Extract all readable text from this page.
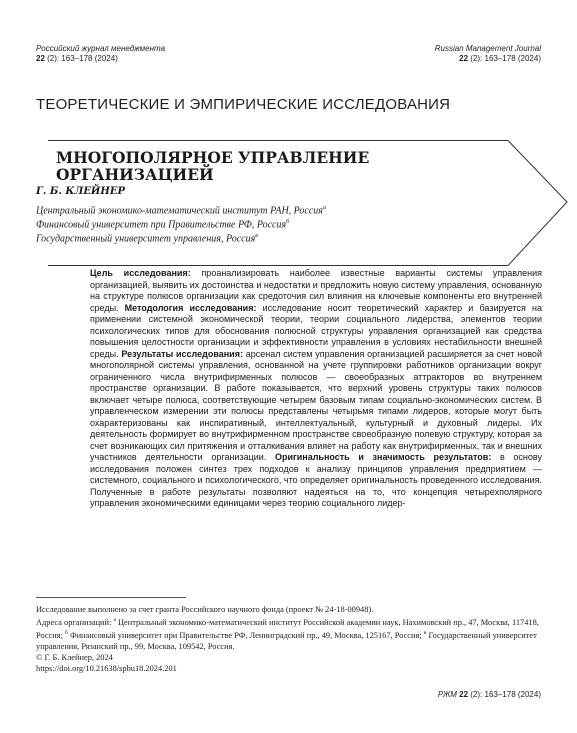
Российский журнал менеджмента
22 (2): 163–178 (2024)
Russian Management Journal
22 (2): 163–178 (2024)
ТЕОРЕТИЧЕСКИЕ И ЭМПИРИЧЕСКИЕ ИССЛЕДОВАНИЯ
МНОГОПОЛЯРНОЕ УПРАВЛЕНИЕ
ОРГАНИЗАЦИЕЙ
Г. Б. КЛЕЙНЕР
Центральный экономико-математический институт РАН, Россия$^а$
Финансовый университет при Правительстве РФ, Россия$^б$
Государственный университет управления, Россия$^в$
Цель исследования: проанализировать наиболее известные варианты системы управления организацией, выявить их достоинства и недостатки и предложить новую систему управления, основанную на структуре полюсов организации как средоточия сил влияния на ключевые компоненты его внутренней среды. Методология исследования: исследование носит теоретический характер и базируется на применении системной экономической теории, теории социального лидерства, элементов теории психологических типов для обоснования полюсной структуры управления организацией как средства повышения целостности организации и эффективности управления в условиях нестабильности внешней среды. Результаты исследования: арсенал систем управления организацией расширяется за счет новой многополярной системы управления, основанной на учете группировки работников организации вокруг ограниченного числа внутрифирменных полюсов — своеобразных аттракторов во внутреннем пространстве организации. В работе показывается, что верхний уровень структуры таких полюсов включает четыре полюса, соответствующие четырем базовым типам социально-экономических систем. В управленческом измерении эти полюсы представлены четырьмя типами лидеров, которые могут быть охарактеризованы как инспиративный, интеллектуальный, культурный и духовный лидеры. Их деятельность формирует во внутрифирменном пространстве своеобразную полевую структуру, которая за счет возникающих сил притяжения и отталкивания влияет на работу как внутрифирменных, так и внешних участников деятельности организации. Оригинальность и значимость результатов: в основу исследования положен синтез трех подходов к анализу принципов управления предприятием — системного, социального и психологического, что определяет оригинальность проведенного исследования. Полученные в работе результаты позволяют надеяться на то, что концепция четырехполярного управления экономическими единицами через теорию социального лидер-
Исследование выполнено за счет гранта Российского научного фонда (проект № 24-18-00948).
Адреса организаций: $^а$ Центральный экономико-математический институт Российской академии наук, Нахимовский пр., 47, Москва, 117418, Россия; $^б$ Финансовый университет при Правительстве РФ, Ленинградский пр., 49, Москва, 125167, Россия; $^в$ Государственный университет управления, Рязанский пр., 99, Москва, 109542, Россия.
© Г. Б. Клейнер, 2024
https://doi.org/10.21638/spbu18.2024.201
РЖМ 22 (2): 163–178 (2024)
